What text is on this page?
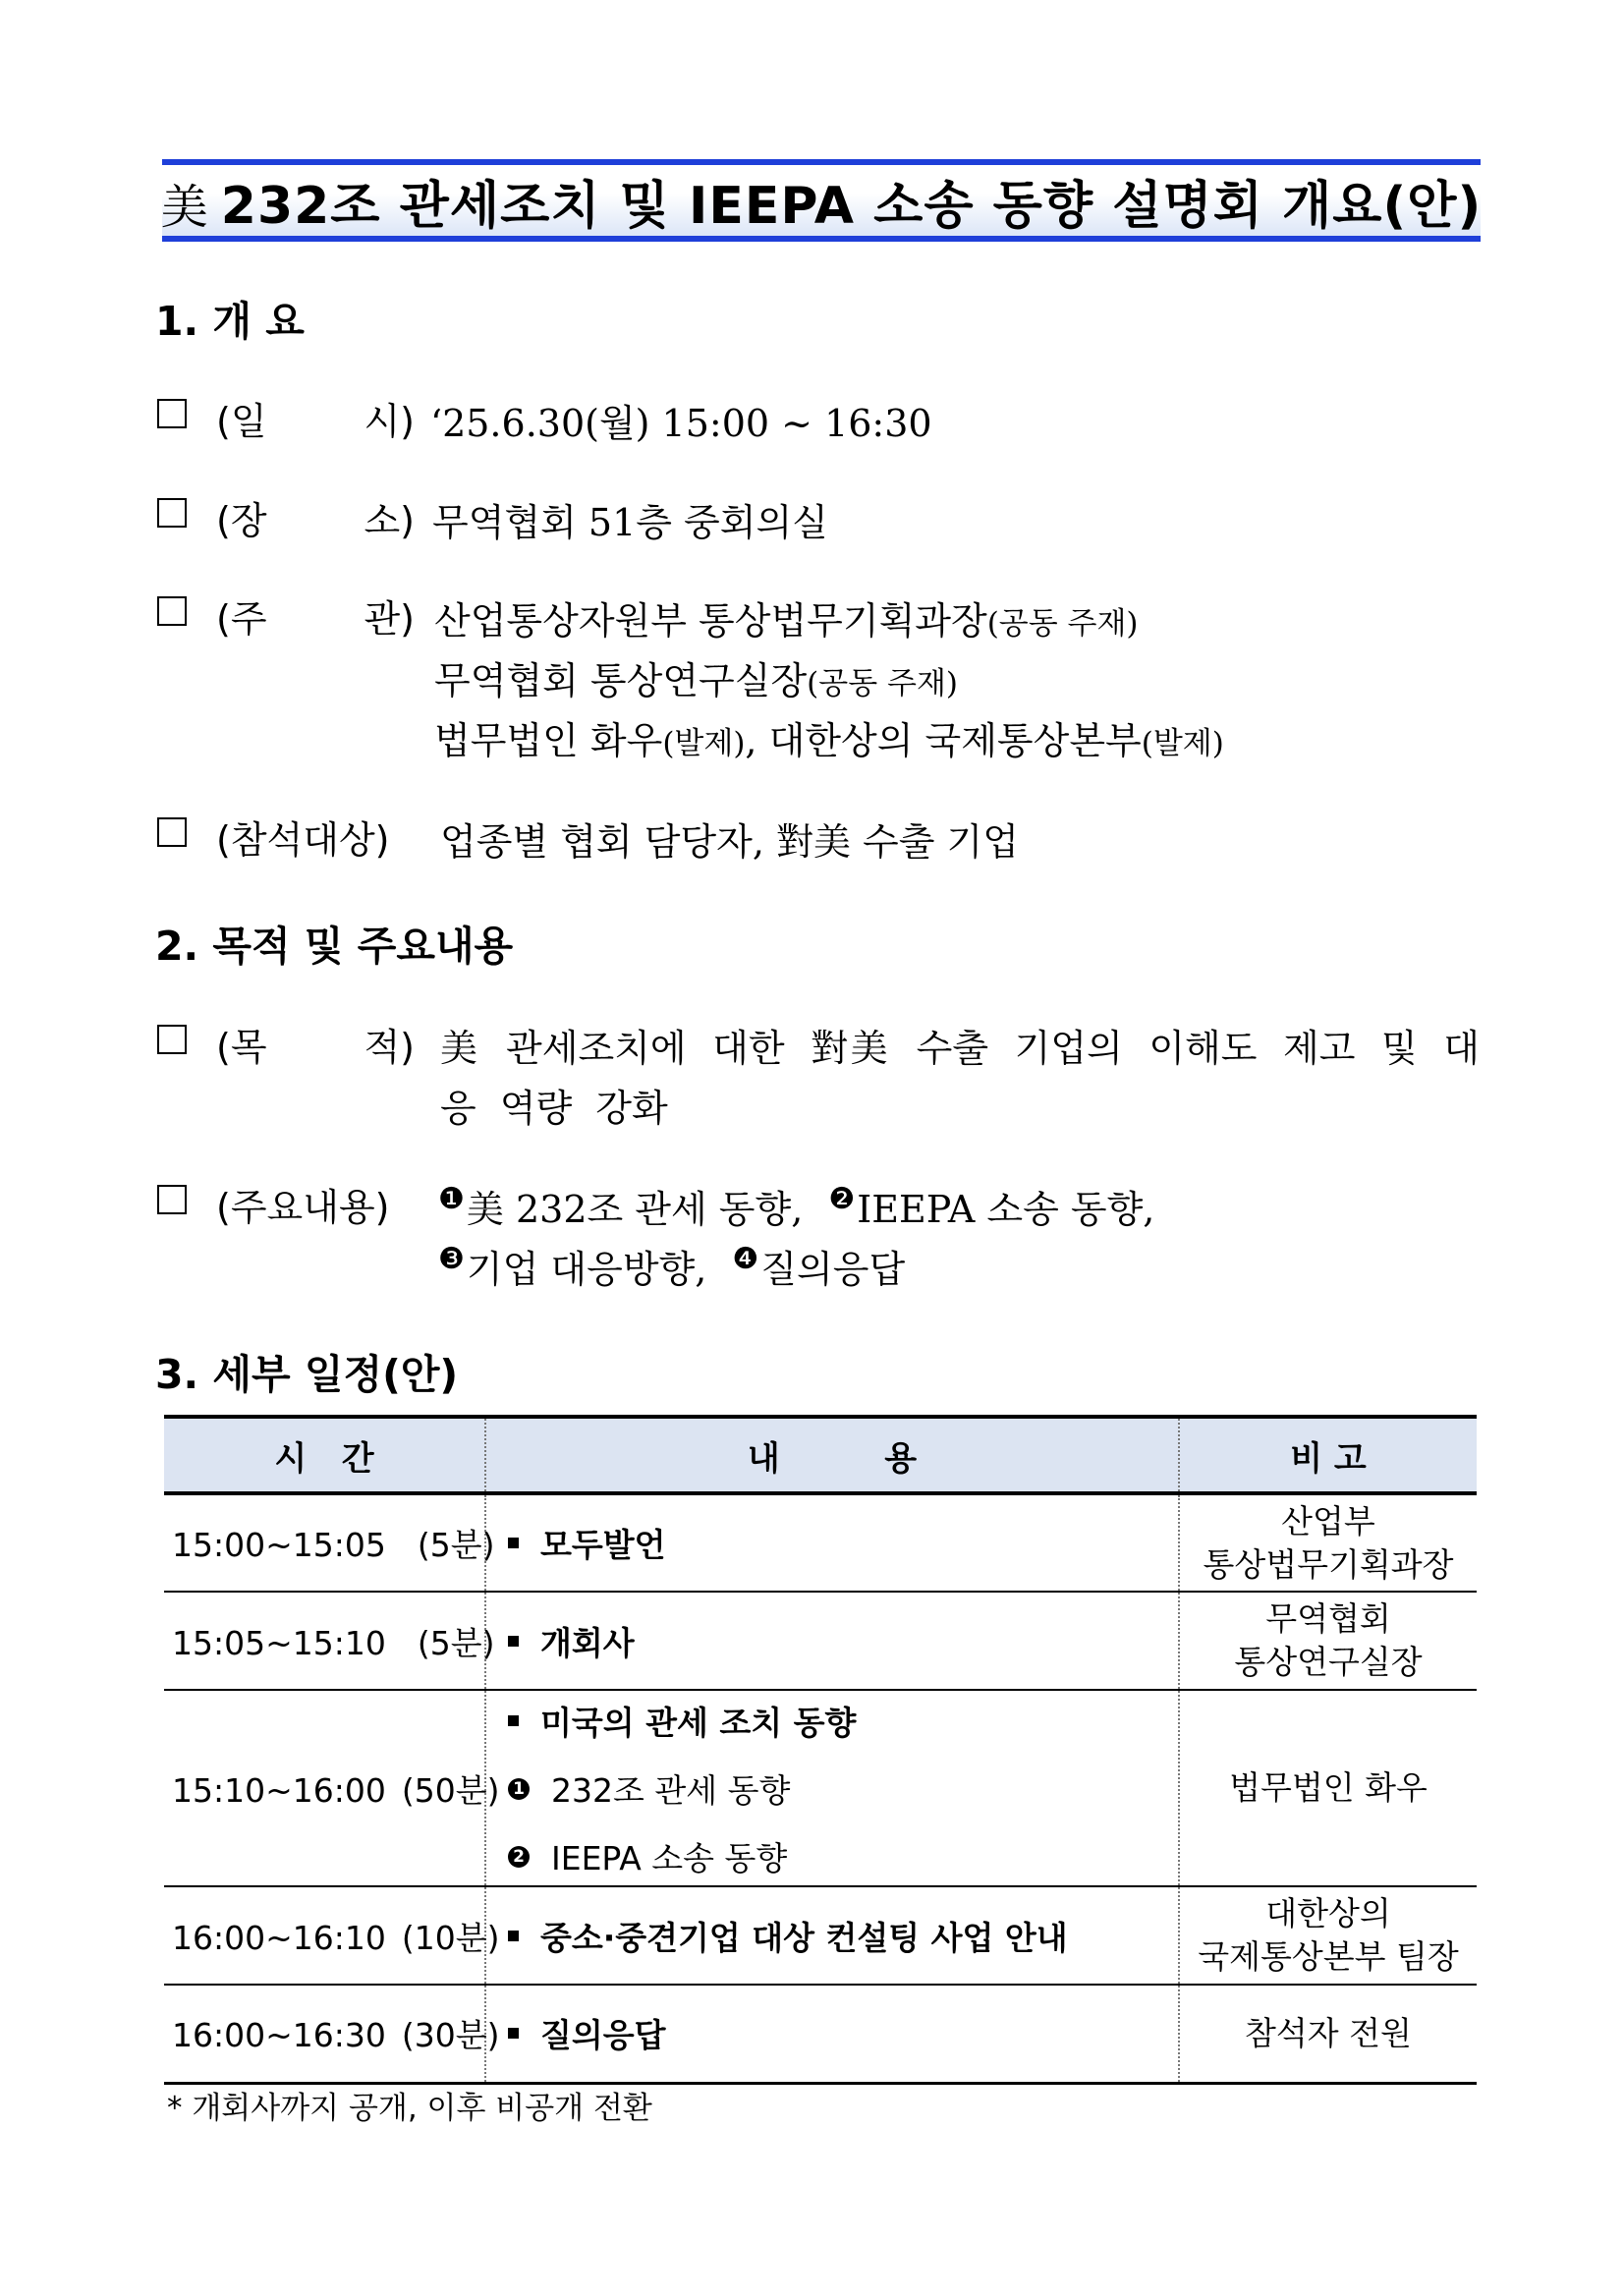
美 232조 관세조치 및 IEEPA 소송 동향 설명회 개요(안)
1. 개 요
(일	시) ‘25.6.30(월) 15:00 ~ 16:30
(장	소) 무역협회 51층 중회의실
(주	관) 산업통상자원부 통상법무기획과장(공동 주재)
무역협회 통상연구실장(공동 주재)
법무법인 화우(발제), 대한상의 국제통상본부(발제)
(참석대상) 업종별 협회 담당자, 對美 수출 기업
2. 목적 및 주요내용
(목	적) 美 관세조치에 대한 對美 수출 기업의 이해도 제고 및 대응 역량 강화
(주요내용) $^❶$美 232조 관세 동향, $^❷$IEEPA 소송 동향,
$^❸$기업 대응방향, $^❹$질의응답
3. 세부 일정(안)
시   간	내         용	비 고
15:00~15:05 (5분)	모두발언	산업부
통상법무기획과장

15:05~15:10 (5분)	개회사	무역협회
통상연구실장

15:10~16:00 (50분)	미국의 관세 조치 동향
1 232조 관세 동향
2 IEEPA 소송 동향	법무법인 화우

16:00~16:10 (10분)	중소·중견기업 대상 컨설팅 사업 안내	대한상의
국제통상본부 팀장

16:00~16:30 (30분)	질의응답	참석자 전원
* 개회사까지 공개, 이후 비공개 전환
